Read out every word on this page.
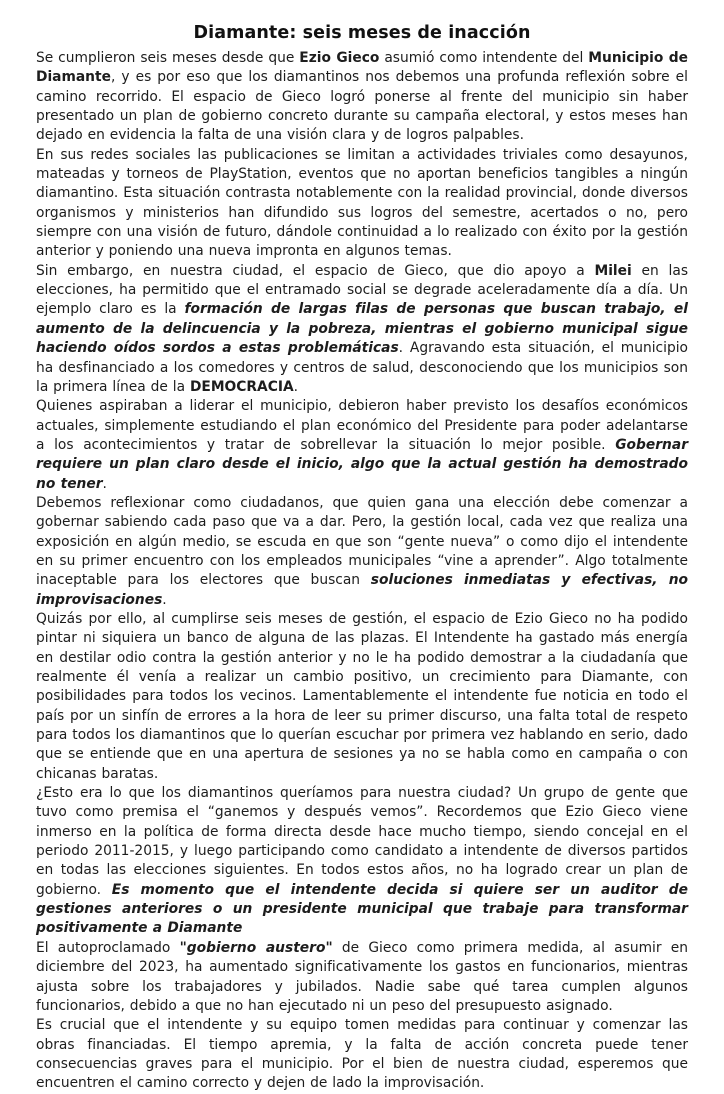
Diamante: seis meses de inacción

Se cumplieron seis meses desde que Ezio Gieco asumió como intendente del Municipio de Diamante, y es por eso que los diamantinos nos debemos una profunda reflexión sobre el camino recorrido. El espacio de Gieco logró ponerse al frente del municipio sin haber presentado un plan de gobierno concreto durante su campaña electoral, y estos meses han dejado en evidencia la falta de una visión clara y de logros palpables.

En sus redes sociales las publicaciones se limitan a actividades triviales como desayunos, mateadas y torneos de PlayStation, eventos que no aportan beneficios tangibles a ningún diamantino. Esta situación contrasta notablemente con la realidad provincial, donde diversos organismos y ministerios han difundido sus logros del semestre, acertados o no, pero siempre con una visión de futuro, dándole continuidad a lo realizado con éxito por la gestión anterior y poniendo una nueva impronta en algunos temas.

Sin embargo, en nuestra ciudad, el espacio de Gieco, que dio apoyo a Milei en las elecciones, ha permitido que el entramado social se degrade aceleradamente día a día. Un ejemplo claro es la formación de largas filas de personas que buscan trabajo, el aumento de la delincuencia y la pobreza, mientras el gobierno municipal sigue haciendo oídos sordos a estas problemáticas. Agravando esta situación, el municipio ha desfinanciado a los comedores y centros de salud, desconociendo que los municipios son la primera línea de la DEMOCRACIA.

Quienes aspiraban a liderar el municipio, debieron haber previsto los desafíos económicos actuales, simplemente estudiando el plan económico del Presidente para poder adelantarse a los acontecimientos y tratar de sobrellevar la situación lo mejor posible. Gobernar requiere un plan claro desde el inicio, algo que la actual gestión ha demostrado no tener.

Debemos reflexionar como ciudadanos, que quien gana una elección debe comenzar a gobernar sabiendo cada paso que va a dar. Pero, la gestión local, cada vez que realiza una exposición en algún medio, se escuda en que son “gente nueva” o como dijo el intendente en su primer encuentro con los empleados municipales “vine a aprender”. Algo totalmente inaceptable para los electores que buscan soluciones inmediatas y efectivas, no improvisaciones.

Quizás por ello, al cumplirse seis meses de gestión, el espacio de Ezio Gieco no ha podido pintar ni siquiera un banco de alguna de las plazas. El Intendente ha gastado más energía en destilar odio contra la gestión anterior y no le ha podido demostrar a la ciudadanía que realmente él venía a realizar un cambio positivo, un crecimiento para Diamante, con posibilidades para todos los vecinos. Lamentablemente el intendente fue noticia en todo el país por un sinfín de errores a la hora de leer su primer discurso, una falta total de respeto para todos los diamantinos que lo querían escuchar por primera vez hablando en serio, dado que se entiende que en una apertura de sesiones ya no se habla como en campaña o con chicanas baratas.

¿Esto era lo que los diamantinos queríamos para nuestra ciudad? Un grupo de gente que tuvo como premisa el “ganemos y después vemos”. Recordemos que Ezio Gieco viene inmerso en la política de forma directa desde hace mucho tiempo, siendo concejal en el periodo 2011-2015, y luego participando como candidato a intendente de diversos partidos en todas las elecciones siguientes. En todos estos años, no ha logrado crear un plan de gobierno. Es momento que el intendente decida si quiere ser un auditor de gestiones anteriores o un presidente municipal que trabaje para transformar positivamente a Diamante

El autoproclamado "gobierno austero" de Gieco como primera medida, al asumir en diciembre del 2023, ha aumentado significativamente los gastos en funcionarios, mientras ajusta sobre los trabajadores y jubilados. Nadie sabe qué tarea cumplen algunos funcionarios, debido a que no han ejecutado ni un peso del presupuesto asignado.

Es crucial que el intendente y su equipo tomen medidas para continuar y comenzar las obras financiadas. El tiempo apremia, y la falta de acción concreta puede tener consecuencias graves para el municipio. Por el bien de nuestra ciudad, esperemos que encuentren el camino correcto y dejen de lado la improvisación.
